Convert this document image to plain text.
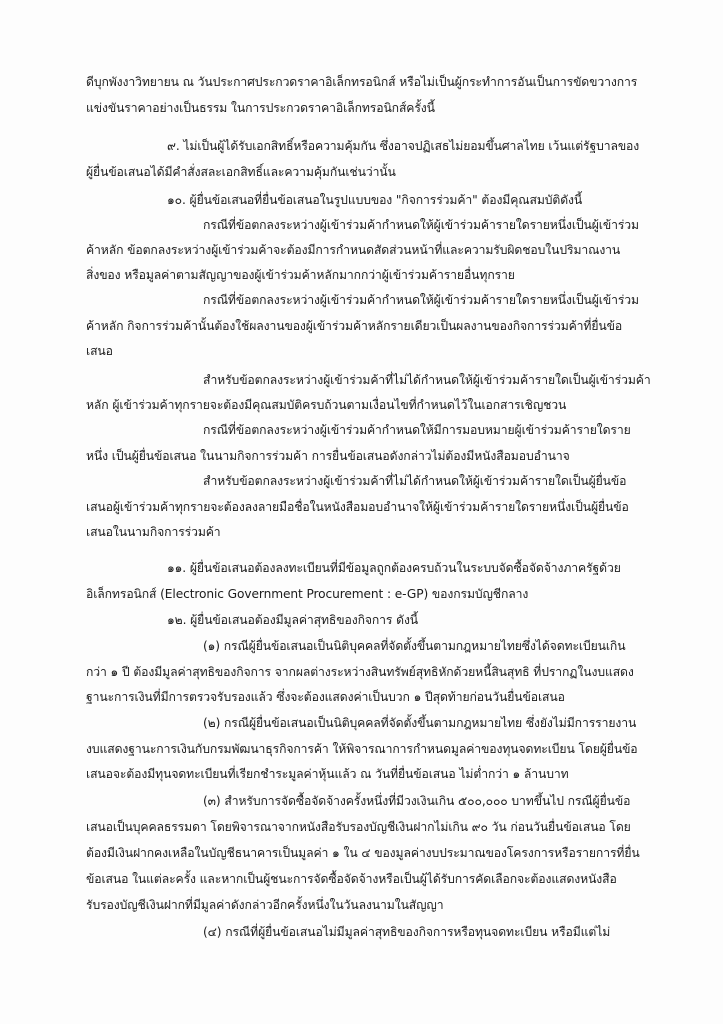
ดีบุกพังงาวิทยายน ณ วันประกาศประกวดราคาอิเล็กทรอนิกส์ หรือไม่เป็นผู้กระทำการอันเป็นการขัดขวางการ
แข่งขันราคาอย่างเป็นธรรม ในการประกวดราคาอิเล็กทรอนิกส์ครั้งนี้
๙. ไม่เป็นผู้ได้รับเอกสิทธิ์หรือความคุ้มกัน ซึ่งอาจปฏิเสธไม่ยอมขึ้นศาลไทย เว้นแต่รัฐบาลของ
ผู้ยื่นข้อเสนอได้มีคำสั่งสละเอกสิทธิ์และความคุ้มกันเช่นว่านั้น
๑๐. ผู้ยื่นข้อเสนอที่ยื่นข้อเสนอในรูปแบบของ "กิจการร่วมค้า" ต้องมีคุณสมบัติดังนี้
กรณีที่ข้อตกลงระหว่างผู้เข้าร่วมค้ากำหนดให้ผู้เข้าร่วมค้ารายใดรายหนึ่งเป็นผู้เข้าร่วม
ค้าหลัก ข้อตกลงระหว่างผู้เข้าร่วมค้าจะต้องมีการกำหนดสัดส่วนหน้าที่และความรับผิดชอบในปริมาณงาน
สิ่งของ หรือมูลค่าตามสัญญาของผู้เข้าร่วมค้าหลักมากกว่าผู้เข้าร่วมค้ารายอื่นทุกราย
กรณีที่ข้อตกลงระหว่างผู้เข้าร่วมค้ากำหนดให้ผู้เข้าร่วมค้ารายใดรายหนึ่งเป็นผู้เข้าร่วม
ค้าหลัก กิจการร่วมค้านั้นต้องใช้ผลงานของผู้เข้าร่วมค้าหลักรายเดียวเป็นผลงานของกิจการร่วมค้าที่ยื่นข้อ
เสนอ
สำหรับข้อตกลงระหว่างผู้เข้าร่วมค้าที่ไม่ได้กำหนดให้ผู้เข้าร่วมค้ารายใดเป็นผู้เข้าร่วมค้า
หลัก ผู้เข้าร่วมค้าทุกรายจะต้องมีคุณสมบัติครบถ้วนตามเงื่อนไขที่กำหนดไว้ในเอกสารเชิญชวน
กรณีที่ข้อตกลงระหว่างผู้เข้าร่วมค้ากำหนดให้มีการมอบหมายผู้เข้าร่วมค้ารายใดราย
หนึ่ง เป็นผู้ยื่นข้อเสนอ ในนามกิจการร่วมค้า การยื่นข้อเสนอดังกล่าวไม่ต้องมีหนังสือมอบอำนาจ
สำหรับข้อตกลงระหว่างผู้เข้าร่วมค้าที่ไม่ได้กำหนดให้ผู้เข้าร่วมค้ารายใดเป็นผู้ยื่นข้อ
เสนอผู้เข้าร่วมค้าทุกรายจะต้องลงลายมือชื่อในหนังสือมอบอำนาจให้ผู้เข้าร่วมค้ารายใดรายหนึ่งเป็นผู้ยื่นข้อ
เสนอในนามกิจการร่วมค้า
๑๑. ผู้ยื่นข้อเสนอต้องลงทะเบียนที่มีข้อมูลถูกต้องครบถ้วนในระบบจัดซื้อจัดจ้างภาครัฐด้วย
อิเล็กทรอนิกส์ (Electronic Government Procurement : e-GP) ของกรมบัญชีกลาง
๑๒. ผู้ยื่นข้อเสนอต้องมีมูลค่าสุทธิของกิจการ ดังนี้
(๑) กรณีผู้ยื่นข้อเสนอเป็นนิติบุคคลที่จัดตั้งขึ้นตามกฎหมายไทยซึ่งได้จดทะเบียนเกิน
กว่า ๑ ปี ต้องมีมูลค่าสุทธิของกิจการ จากผลต่างระหว่างสินทรัพย์สุทธิหักด้วยหนี้สินสุทธิ ที่ปรากฏในงบแสดง
ฐานะการเงินที่มีการตรวจรับรองแล้ว ซึ่งจะต้องแสดงค่าเป็นบวก ๑ ปีสุดท้ายก่อนวันยื่นข้อเสนอ
(๒) กรณีผู้ยื่นข้อเสนอเป็นนิติบุคคลที่จัดตั้งขึ้นตามกฎหมายไทย ซึ่งยังไม่มีการรายงาน
งบแสดงฐานะการเงินกับกรมพัฒนาธุรกิจการค้า ให้พิจารณาการกำหนดมูลค่าของทุนจดทะเบียน โดยผู้ยื่นข้อ
เสนอจะต้องมีทุนจดทะเบียนที่เรียกชำระมูลค่าหุ้นแล้ว ณ วันที่ยื่นข้อเสนอ ไม่ต่ำกว่า ๑ ล้านบาท
(๓) สำหรับการจัดซื้อจัดจ้างครั้งหนึ่งที่มีวงเงินเกิน ๕๐๐,๐๐๐ บาทขึ้นไป กรณีผู้ยื่นข้อ
เสนอเป็นบุคคลธรรมดา โดยพิจารณาจากหนังสือรับรองบัญชีเงินฝากไม่เกิน ๙๐ วัน ก่อนวันยื่นข้อเสนอ โดย
ต้องมีเงินฝากคงเหลือในบัญชีธนาคารเป็นมูลค่า ๑ ใน ๔ ของมูลค่างบประมาณของโครงการหรือรายการที่ยื่น
ข้อเสนอ ในแต่ละครั้ง และหากเป็นผู้ชนะการจัดซื้อจัดจ้างหรือเป็นผู้ได้รับการคัดเลือกจะต้องแสดงหนังสือ
รับรองบัญชีเงินฝากที่มีมูลค่าดังกล่าวอีกครั้งหนึ่งในวันลงนามในสัญญา
(๔) กรณีที่ผู้ยื่นข้อเสนอไม่มีมูลค่าสุทธิของกิจการหรือทุนจดทะเบียน หรือมีแต่ไม่
